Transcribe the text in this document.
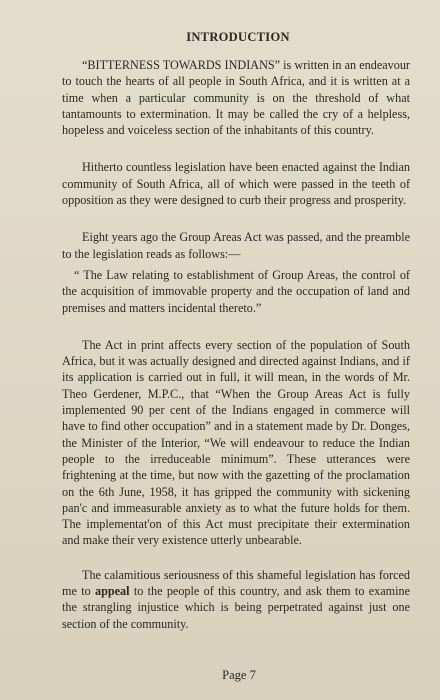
INTRODUCTION

“BITTERNESS TOWARDS INDIANS” is written in an endeavour to touch the hearts of all people in South Africa, and it is written at a time when a particular community is on the threshold of what tantamounts to extermination. It may be called the cry of a helpless, hopeless and voiceless section of the inhabitants of this country.

Hitherto countless legislation have been enacted against the Indian community of South Africa, all of which were passed in the teeth of opposition as they were designed to curb their progress and prosperity.

Eight years ago the Group Areas Act was passed, and the preamble to the legislation reads as follows:—

“ The Law relating to establishment of Group Areas, the control of the acquisition of immovable property and the occupation of land and premises and matters incidental thereto.”

The Act in print affects every section of the population of South Africa, but it was actually designed and directed against Indians, and if its application is carried out in full, it will mean, in the words of Mr. Theo Gerdener, M.P.C., that “When the Group Areas Act is fully implemented 90 per cent of the Indians engaged in commerce will have to find other occupation” and in a statement made by Dr. Donges, the Minister of the Interior, “We will endeavour to reduce the Indian people to the irreduceable minimum”. These utterances were frightening at the time, but now with the gazetting of the proclamation on the 6th June, 1958, it has gripped the community with sickening pan'c and immeasurable anxiety as to what the future holds for them. The implementat'on of this Act must precipitate their extermination and make their very existence utterly unbearable.

The calamitious seriousness of this shameful legislation has forced me to appeal to the people of this country, and ask them to examine the strangling injustice which is being perpetrated against just one section of the community.

Page 7
